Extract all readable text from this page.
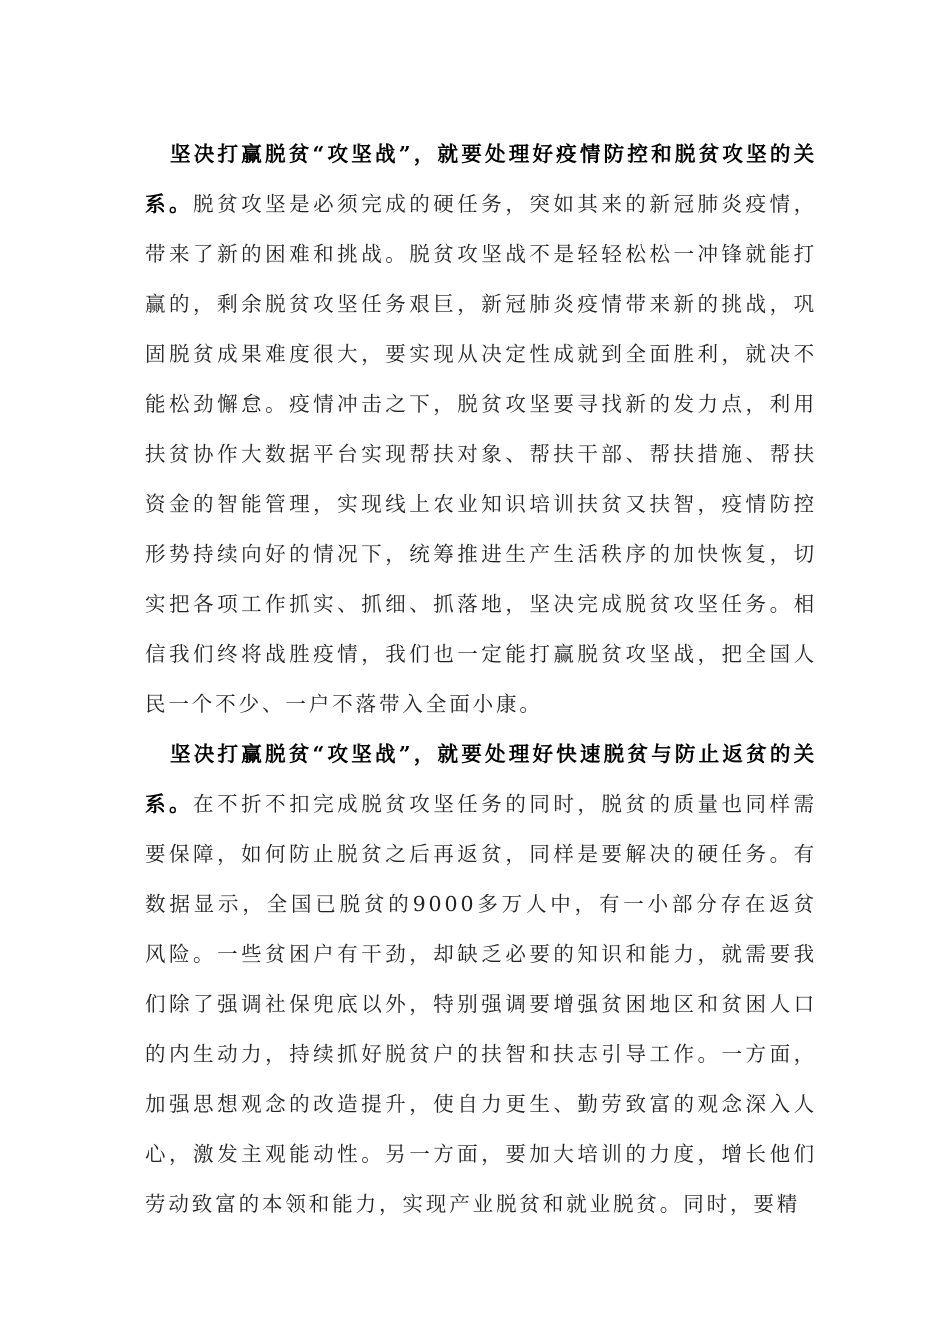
坚决打赢脱贫“攻坚战”，就要处理好疫情防控和脱贫攻坚的关系。脱贫攻坚是必须完成的硬任务，突如其来的新冠肺炎疫情，带来了新的困难和挑战。脱贫攻坚战不是轻轻松松一冲锋就能打赢的，剩余脱贫攻坚任务艰巨，新冠肺炎疫情带来新的挑战，巩固脱贫成果难度很大，要实现从决定性成就到全面胜利，就决不能松劲懈怠。疫情冲击之下，脱贫攻坚要寻找新的发力点，利用扶贫协作大数据平台实现帮扶对象、帮扶干部、帮扶措施、帮扶资金的智能管理，实现线上农业知识培训扶贫又扶智，疫情防控形势持续向好的情况下，统筹推进生产生活秩序的加快恢复，切实把各项工作抓实、抓细、抓落地，坚决完成脱贫攻坚任务。相信我们终将战胜疫情，我们也一定能打赢脱贫攻坚战，把全国人民一个不少、一户不落带入全面小康。

坚决打赢脱贫“攻坚战”，就要处理好快速脱贫与防止返贫的关系。在不折不扣完成脱贫攻坚任务的同时，脱贫的质量也同样需要保障，如何防止脱贫之后再返贫，同样是要解决的硬任务。有数据显示，全国已脱贫的9000多万人中，有一小部分存在返贫风险。一些贫困户有干劲，却缺乏必要的知识和能力，就需要我们除了强调社保兜底以外，特别强调要增强贫困地区和贫困人口的内生动力，持续抓好脱贫户的扶智和扶志引导工作。一方面，加强思想观念的改造提升，使自力更生、勤劳致富的观念深入人心，激发主观能动性。另一方面，要加大培训的力度，增长他们劳动致富的本领和能力，实现产业脱贫和就业脱贫。同时，要精
